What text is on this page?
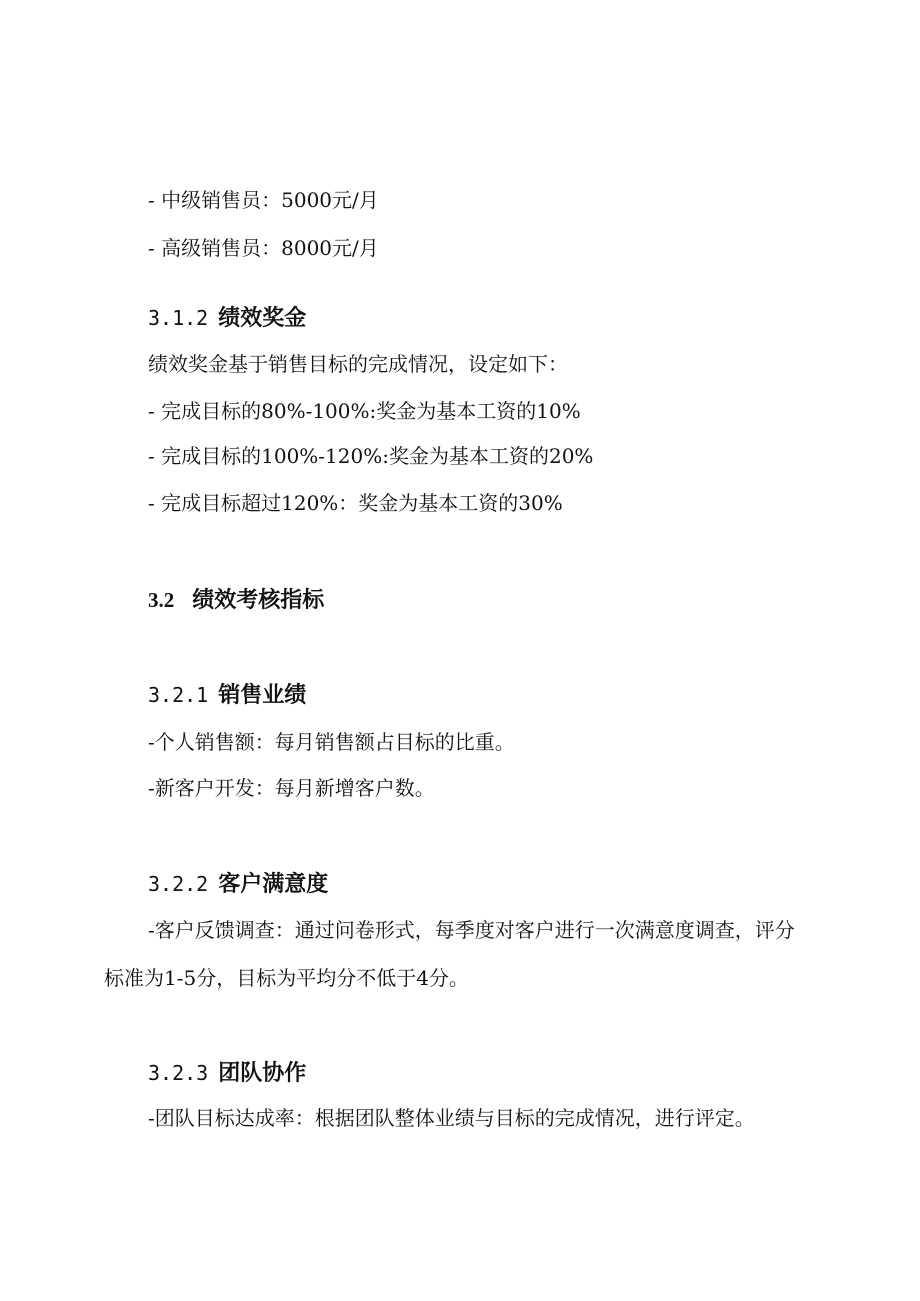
- 中级销售员：5000元/月
- 高级销售员：8000元/月
3.1.2 绩效奖金
绩效奖金基于销售目标的完成情况，设定如下：
- 完成目标的80%-100%:奖金为基本工资的10%
- 完成目标的100%-120%:奖金为基本工资的20%
- 完成目标超过120%：奖金为基本工资的30%
3.2 绩效考核指标
3.2.1 销售业绩
-个人销售额：每月销售额占目标的比重。
-新客户开发：每月新增客户数。
3.2.2 客户满意度
-客户反馈调查：通过问卷形式，每季度对客户进行一次满意度调查，评分标准为1-5分，目标为平均分不低于4分。
3.2.3 团队协作
-团队目标达成率：根据团队整体业绩与目标的完成情况，进行评定。
